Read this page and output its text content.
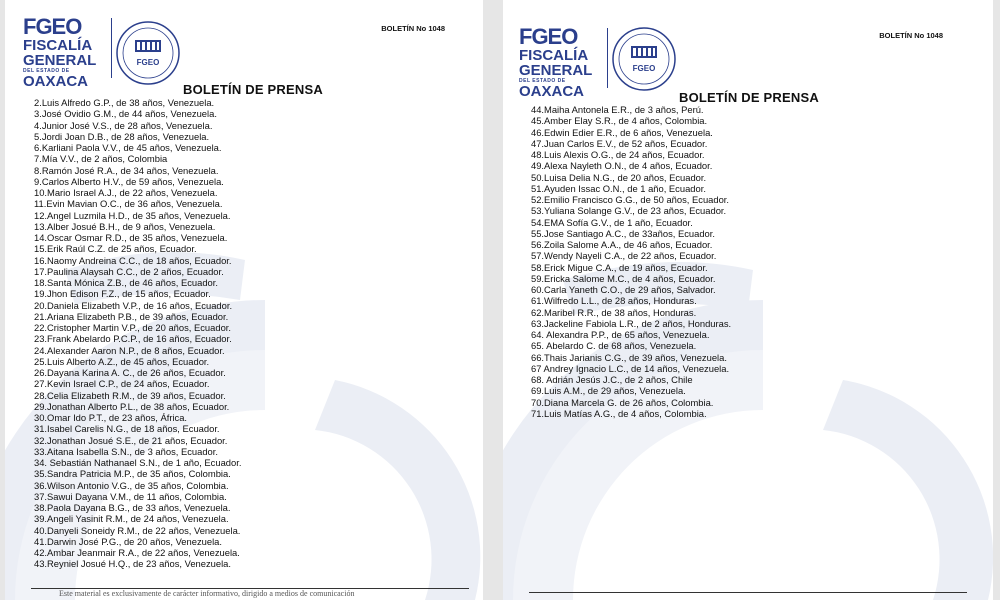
FGEO
FISCALÍA
GENERAL
DEL ESTADO DE
OAXACA
FGEO
BOLETÍN No 1048
BOLETÍN DE PRENSA
2.Luis Alfredo G.P., de 38 años, Venezuela.
3.José Ovidio G.M., de 44 años, Venezuela.
4.Junior José V.S., de 28 años, Venezuela.
5.Jordi Joan D.B., de 28 años, Venezuela.
6.Karliani Paola V.V., de 45 años, Venezuela.
7.Mía V.V., de 2 años, Colombia
8.Ramón José R.A., de 34 años, Venezuela.
9.Carlos Alberto H.V., de 59 años, Venezuela.
10.Mario Israel A.J., de 22 años, Venezuela.
11.Evin Mavian O.C., de 36 años, Venezuela.
12.Angel Luzmila H.D., de 35 años, Venezuela.
13.Alber Josué B.H., de 9 años, Venezuela.
14.Oscar Osmar R.D., de 35 años, Venezuela.
15.Erik Raúl C.Z. de 25 años, Ecuador.
16.Naomy Andreina C.C., de 18 años, Ecuador.
17.Paulina Alaysah C.C., de 2 años, Ecuador.
18.Santa Mónica Z.B., de 46 años, Ecuador.
19.Jhon Edison F.Z., de 15 años, Ecuador.
20.Daniela Elizabeth V.P., de 16 años, Ecuador.
21.Ariana Elizabeth P.B., de 39 años, Ecuador.
22.Cristopher Martin V.P., de 20 años, Ecuador.
23.Frank Abelardo P.C.P., de 16 años, Ecuador.
24.Alexander Aaron N.P., de 8 años, Ecuador.
25.Luis Alberto A.Z., de 45 años, Ecuador.
26.Dayana Karina A. C., de 26 años, Ecuador.
27.Kevin Israel C.P., de 24 años, Ecuador.
28.Celia Elizabeth R.M., de 39 años, Ecuador.
29.Jonathan Alberto P.L., de 38 años, Ecuador.
30.Omar Ido P.T., de 23 años, África.
31.Isabel Carelis N.G., de 18 años, Ecuador.
32.Jonathan Josué S.E., de 21 años, Ecuador.
33.Aitana Isabella S.N., de 3 años, Ecuador.
34. Sebastián Nathanael S.N., de 1 año, Ecuador.
35.Sandra Patricia M.P., de 35 años, Colombia.
36.Wilson Antonio V.G., de 35 años, Colombia.
37.Sawui Dayana V.M., de 11 años, Colombia.
38.Paola Dayana B.G., de 33 años, Venezuela.
39.Angeli Yasinit R.M., de 24 años, Venezuela.
40.Danyeli Soneidy R.M., de 22 años, Venezuela.
41.Darwin José P.G., de 20 años, Venezuela.
42.Ambar Jeanmair R.A., de 22 años, Venezuela.
43.Reyniel Josué H.Q., de 23 años, Venezuela.
Este material es exclusivamente de carácter informativo, dirigido a medios de comunicación
FGEO
FISCALÍA
GENERAL
DEL ESTADO DE
OAXACA
FGEO
BOLETÍN No 1048
BOLETÍN DE PRENSA
44.Maiha Antonela E.R., de 3 años, Perú.
45.Amber Elay S.R., de 4 años, Colombia.
46.Edwin Edier E.R., de 6 años, Venezuela.
47.Juan Carlos E.V., de 52 años, Ecuador.
48.Luis Alexis O.G., de 24 años, Ecuador.
49.Alexa Nayleth O.N., de 4 años, Ecuador.
50.Luisa Delia N.G., de 20 años, Ecuador.
51.Ayuden Issac O.N., de 1 año, Ecuador.
52.Emilio Francisco G.G., de 50 años, Ecuador.
53.Yuliana Solange G.V., de 23 años, Ecuador.
54.EMA Sofía G.V., de 1 año, Ecuador.
55.Jose Santiago A.C., de 33años, Ecuador.
56.Zoila Salome A.A., de 46 años, Ecuador.
57.Wendy Nayeli C.A., de 22 años, Ecuador.
58.Erick Migue C.A., de 19 años, Ecuador.
59.Ericka Salome M.C., de 4 años, Ecuador.
60.Carla Yaneth C.O., de 29 años, Salvador.
61.Wilfredo L.L., de 28 años, Honduras.
62.Maribel R.R., de 38 años, Honduras.
63.Jackeline Fabiola L.R., de 2 años, Honduras.
64. Alexandra P.P., de 65 años, Venezuela.
65. Abelardo C. de 68 años, Venezuela.
66.Thais Jarianis C.G., de 39 años, Venezuela.
67 Andrey Ignacio L.C., de 14 años, Venezuela.
68. Adrián Jesús J.C., de 2 años, Chile
69.Luis A.M., de 29 años, Venezuela.
70.Diana Marcela G. de 26 años, Colombia.
71.Luis Matías A.G., de 4 años, Colombia.
